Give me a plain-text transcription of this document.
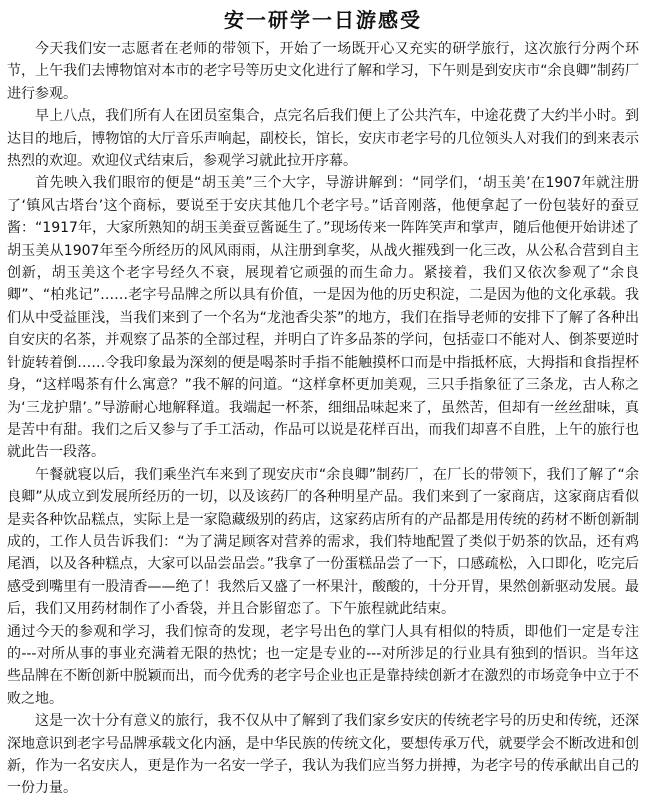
安一研学一日游感受

今天我们安一志愿者在老师的带领下，开始了一场既开心又充实的研学旅行，这次旅行分两个环节，上午我们去博物馆对本市的老字号等历史文化进行了解和学习，下午则是到安庆市“余良卿”制药厂进行参观。

早上八点，我们所有人在团员室集合，点完名后我们便上了公共汽车，中途花费了大约半小时。到达目的地后，博物馆的大厅音乐声响起，副校长，馆长，安庆市老字号的几位领头人对我们的到来表示热烈的欢迎。欢迎仪式结束后，参观学习就此拉开序幕。

首先映入我们眼帘的便是“胡玉美”三个大字，导游讲解到：“同学们，‘胡玉美’在1907年就注册了‘镇风古塔台’这个商标，要说至于安庆其他几个老字号。”话音刚落，他便拿起了一份包装好的蚕豆酱：“1917年，大家所熟知的胡玉美蚕豆酱诞生了。”现场传来一阵阵笑声和掌声，随后他便开始讲述了胡玉美从1907年至今所经历的风风雨雨，从注册到拿奖，从战火摧残到一化三改，从公私合营到自主创新，胡玉美这个老字号经久不衰，展现着它顽强的而生命力。紧接着，我们又依次参观了“余良卿”、“柏兆记”……老字号品牌之所以具有价值，一是因为他的历史积淀，二是因为他的文化承载。我们从中受益匪浅，当我们来到了一个名为“龙池香尖茶”的地方，我们在指导老师的安排下了解了各种出自安庆的名茶，并观察了品茶的全部过程，并明白了许多品茶的学问，包括壶口不能对人、倒茶要逆时针旋转着倒……令我印象最为深刻的便是喝茶时手指不能触摸杯口而是中指抵杯底，大拇指和食指捏杯身，“这样喝茶有什么寓意？”我不解的问道。“这样拿杯更加美观，三只手指象征了三条龙，古人称之为‘三龙护鼎’。”导游耐心地解释道。我端起一杯茶，细细品味起来了，虽然苦，但却有一丝丝甜味，真是苦中有甜。我们之后又参与了手工活动，作品可以说是花样百出，而我们却喜不自胜，上午的旅行也就此告一段落。

午餐就寝以后，我们乘坐汽车来到了现安庆市“余良卿”制药厂，在厂长的带领下，我们了解了“余良卿”从成立到发展所经历的一切，以及该药厂的各种明星产品。我们来到了一家商店，这家商店看似是卖各种饮品糕点，实际上是一家隐藏级别的药店，这家药店所有的产品都是用传统的药材不断创新制成的，工作人员告诉我们：“为了满足顾客对营养的需求，我们特地配置了类似于奶茶的饮品，还有鸡尾酒，以及各种糕点，大家可以品尝品尝。”我拿了一份蛋糕品尝了一下，口感疏松，入口即化，吃完后感受到嘴里有一股清香——绝了！我然后又盛了一杯果汁，酸酸的，十分开胃，果然创新驱动发展。最后，我们又用药材制作了小香袋，并且合影留恋了。下午旅程就此结束。

通过今天的参观和学习，我们惊奇的发现，老字号出色的掌门人具有相似的特质，即他们一定是专注的---对所从事的事业充满着无限的热忱；也一定是专业的---对所涉足的行业具有独到的悟识。当年这些品牌在不断创新中脱颖而出，而今优秀的老字号企业也正是靠持续创新才在激烈的市场竞争中立于不败之地。

这是一次十分有意义的旅行，我不仅从中了解到了我们家乡安庆的传统老字号的历史和传统，还深深地意识到老字号品牌承载文化内涵，是中华民族的传统文化，要想传承万代，就要学会不断改进和创新，作为一名安庆人，更是作为一名安一学子，我认为我们应当努力拼搏，为老字号的传承献出自己的一份力量。
